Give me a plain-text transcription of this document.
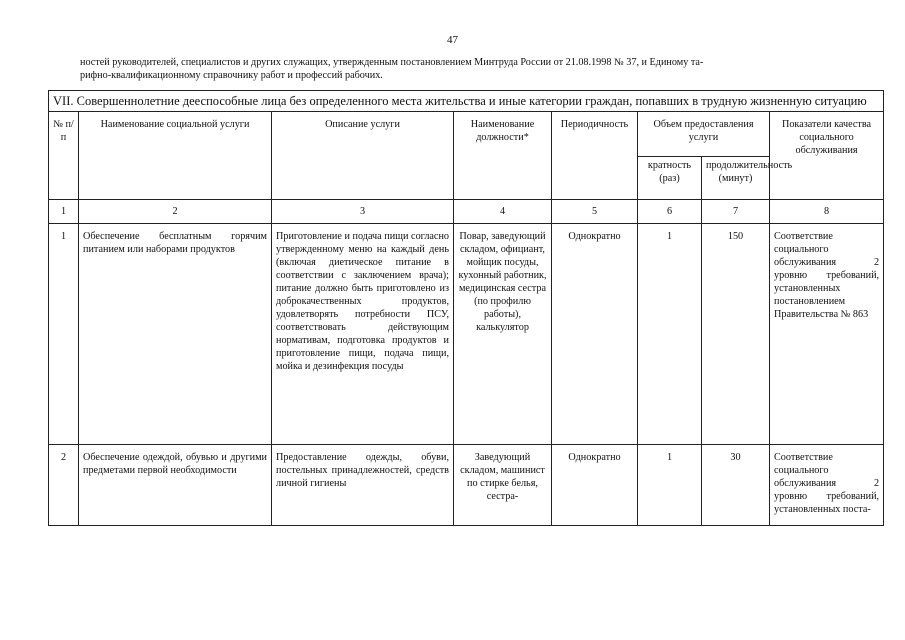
47
ностей руководителей, специалистов и других служащих, утвержденным постановлением Минтруда России от 21.08.1998 № 37, и Единому та-
рифно-квалификационному справочнику работ и профессий рабочих.
VII. Совершеннолетние дееспособные лица без определенного места жительства и иные категории граждан, попавших в трудную жизненную ситуацию							
№ п/п	Наименование социальной услуги	Описание услуги	Наименование должности*	Периодичность	Объем предоставления услуги		Показатели качества социального обслуживания
					кратность (раз)	продолжительность (минут)	
1	2	3	4	5	6	7	8
1	Обеспечение бесплатным горячим питанием или наборами продуктов	Приготовление и подача пищи согласно утвержденному меню на каждый день (включая диетическое питание в соответствии с заключением врача); питание должно быть приготовлено из доброкачественных продуктов, удовлетворять потребности ПСУ, соответствовать действующим нормативам, подготовка продуктов и приготовление пищи, подача пищи, мойка и дезинфекция посуды	Повар, заведующий складом, официант, мойщик посуды, кухонный работник, медицинская сестра (по профилю работы), калькулятор	Однократно	1	150	Соответствие социального обслуживания 2 уровню требований, установленных постановлением Правительства № 863
2	Обеспечение одеждой, обувью и другими предметами первой необходимости	Предоставление одежды, обуви, постельных принадлежностей, средств личной гигиены	Заведующий складом, машинист по стирке белья, сестра-	Однократно	1	30	Соответствие социального обслуживания 2 уровню требований, установленных поста-
